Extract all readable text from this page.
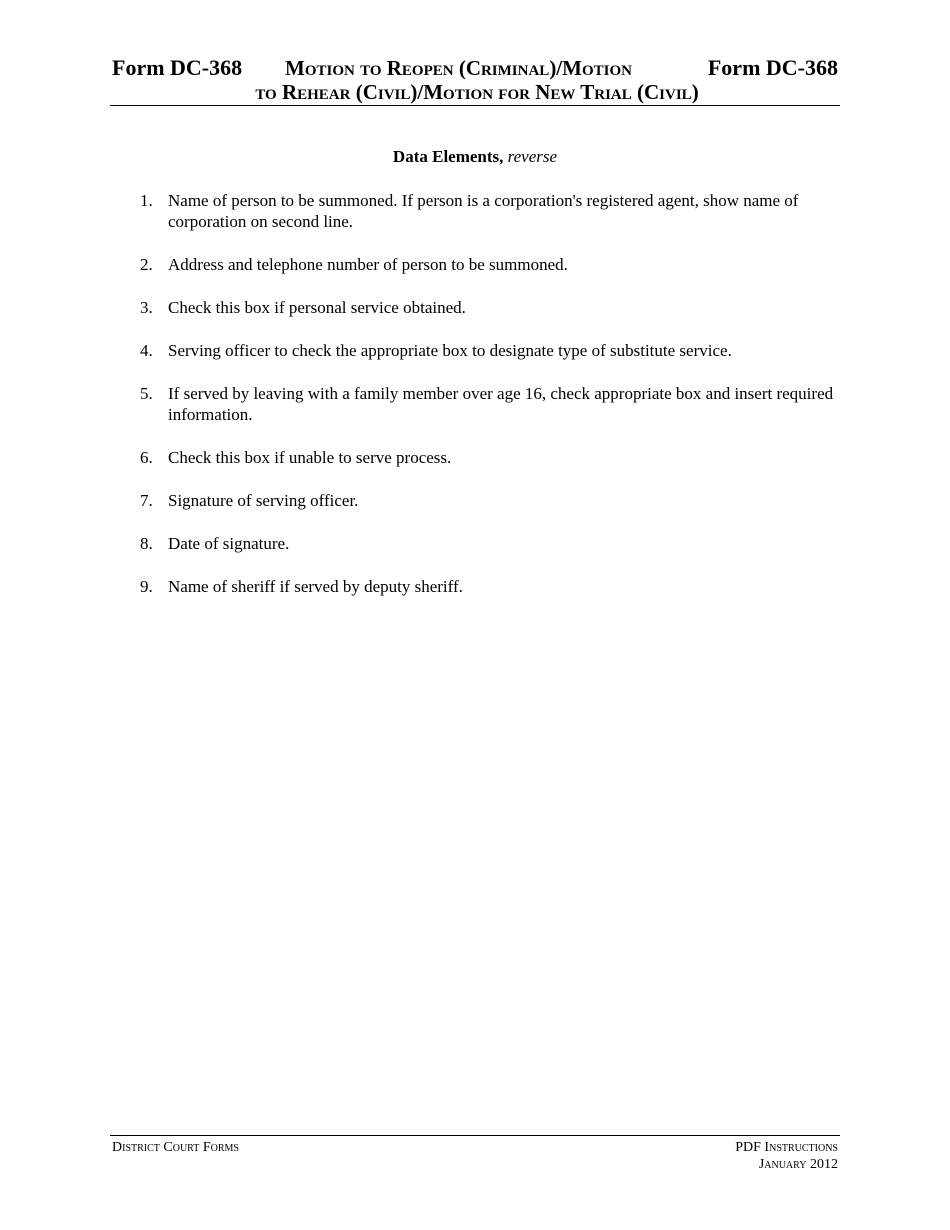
Form DC-368 Motion to Reopen (Criminal)/Motion	Form DC-368
to Rehear (Civil)/Motion for New Trial (Civil)
Data Elements, reverse
1. Name of person to be summoned. If person is a corporation's registered agent, show name of corporation on second line.
2. Address and telephone number of person to be summoned.
3. Check this box if personal service obtained.
4. Serving officer to check the appropriate box to designate type of substitute service.
5. If served by leaving with a family member over age 16, check appropriate box and insert required information.
6. Check this box if unable to serve process.
7. Signature of serving officer.
8. Date of signature.
9. Name of sheriff if served by deputy sheriff.
District Court Forms	PDF Instructions
January 2012
